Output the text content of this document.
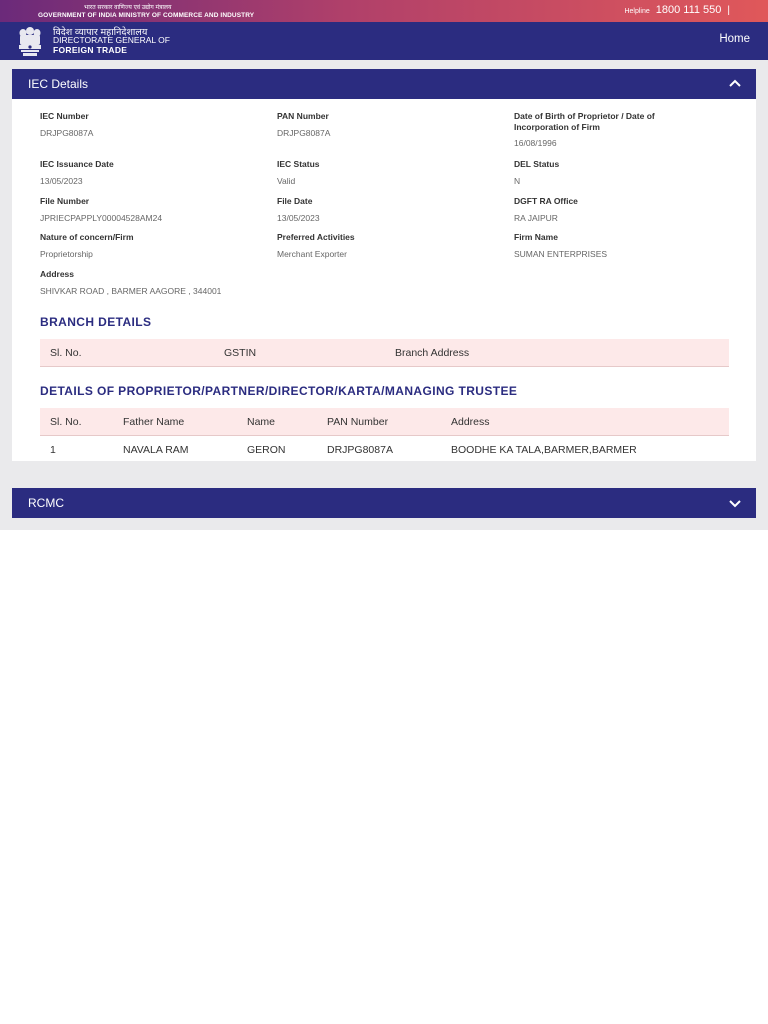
भारत सरकार वाणिज्य एवं उद्योग मंत्रालय
GOVERNMENT OF INDIA MINISTRY OF COMMERCE AND INDUSTRY
Helpline 1800 111 550 |
विदेश व्यापार महानिदेशालय
DIRECTORATE GENERAL OF
FOREIGN TRADE
Home
IEC Details
IEC Number
DRJPG8087A
PAN Number
DRJPG8087A
Date of Birth of Proprietor / Date of Incorporation of Firm
16/08/1996
IEC Issuance Date
13/05/2023
IEC Status
Valid
DEL Status
N
File Number
JPRIECPAPPLY00004528AM24
File Date
13/05/2023
DGFT RA Office
RA JAIPUR
Nature of concern/Firm
Proprietorship
Preferred Activities
Merchant Exporter
Firm Name
SUMAN ENTERPRISES
Address
SHIVKAR ROAD , BARMER AAGORE , 344001
BRANCH DETAILS
Sl. No.	GSTIN	Branch Address
DETAILS OF PROPRIETOR/PARTNER/DIRECTOR/KARTA/MANAGING TRUSTEE
Sl. No.	Father Name	Name	PAN Number	Address
1	NAVALA RAM	GERON	DRJPG8087A	BOODHE KA TALA,BARMER,BARMER
RCMC
